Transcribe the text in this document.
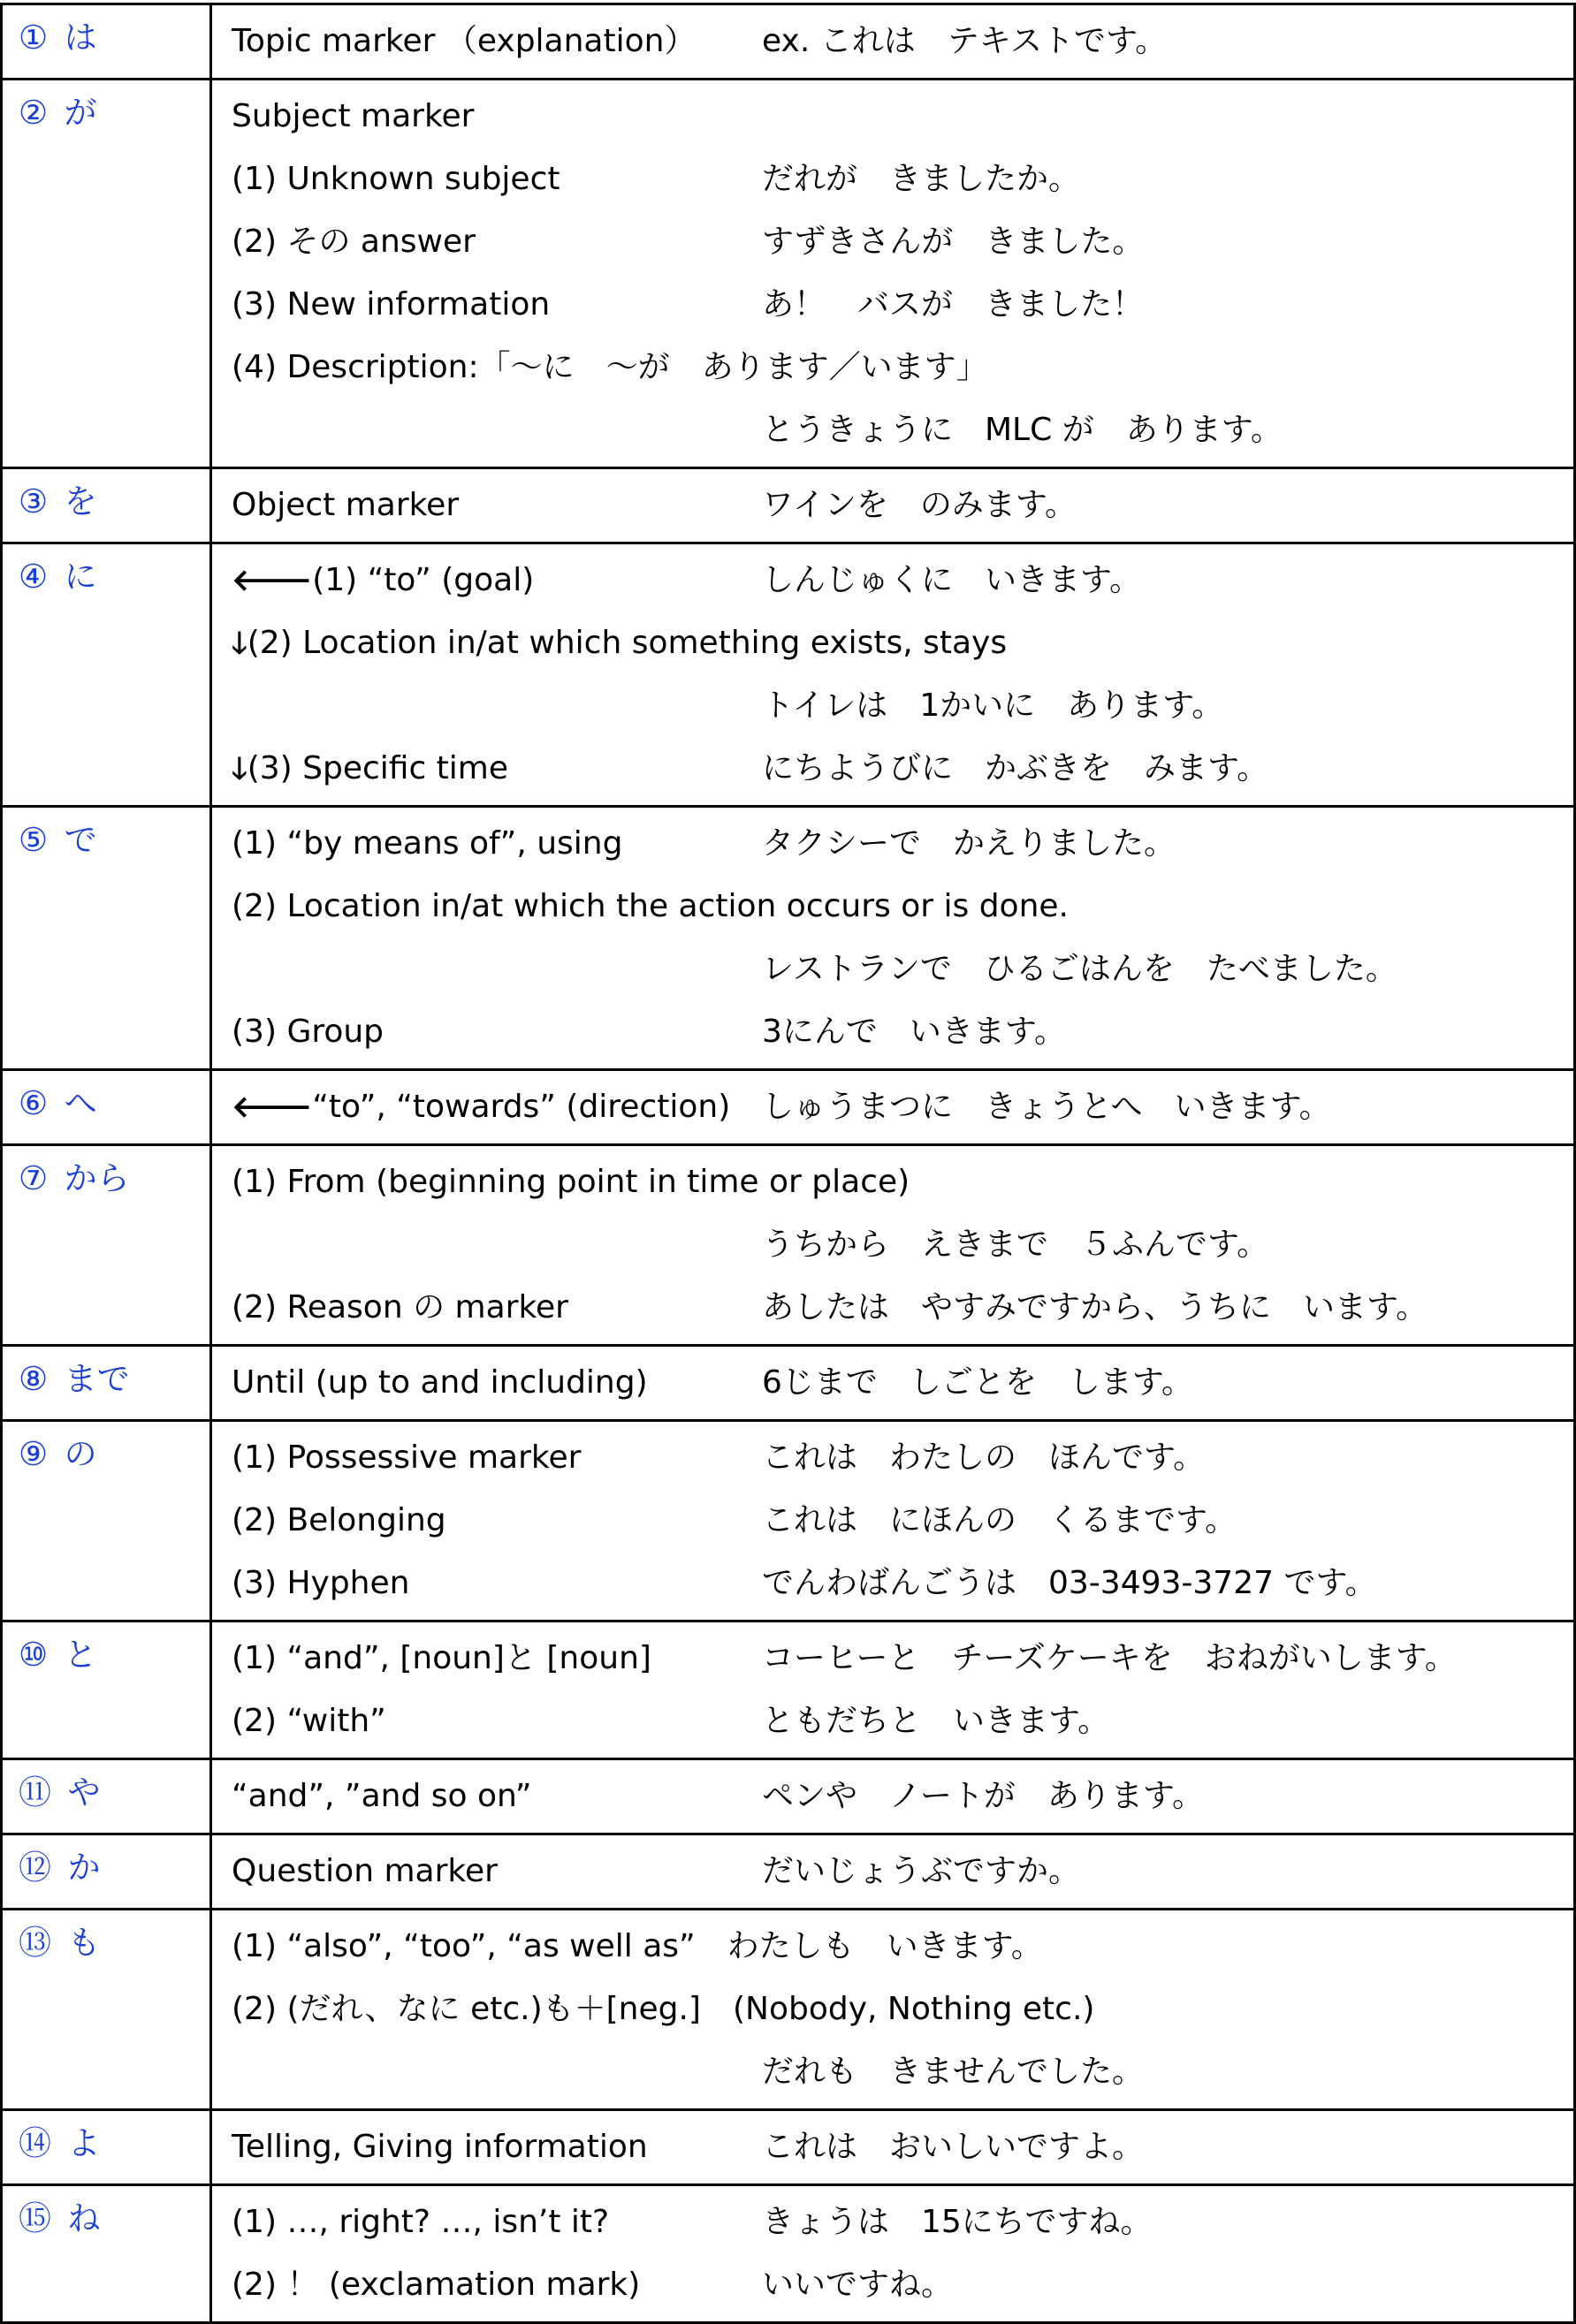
①  は	Topic marker （explanation） ex. これは　テキストです。
②  が	Subject marker
(1) Unknown subject	だれが　きましたか。
(2) その answer	すずきさんが　きました。
(3) New information	あ！　バスが　きました！
(4) Description:「～に　～が　あります／います」
とうきょうに　MLC が　あります。
③  を	Object marker	ワインを　のみます。
④  に	🡐(1) “to” (goal)	しんじゅくに　いきます。
🡓(2) Location in/at which something exists, stays
トイレは　1かいに　あります。
🡓(3) Specific time	にちようびに　かぶきを　みます。
⑤  で	(1) “by means of”, using	タクシーで　かえりました。
(2) Location in/at which the action occurs or is done.
レストランで　ひるごはんを　たべました。
(3) Group	3にんで　いきます。
⑥  へ	🡐“to”, “towards” (direction) しゅうまつに　きょうとへ　いきます。
⑦  から	(1) From (beginning point in time or place)
うちから　えきまで　５ふんです。
(2) Reason の marker	あしたは　やすみですから、うちに　います。
⑧  まで	Until (up to and including)	6じまで　しごとを　します。
⑨  の	(1) Possessive marker	これは　わたしの　ほんです。
(2) Belonging	これは　にほんの　くるまです。
(3) Hyphen	でんわばんごうは　03-3493-3727 です。
⑩  と	(1) “and”, [noun]と [noun]	コーヒーと　チーズケーキを　おねがいします。
(2) “with”	ともだちと　いきます。
⑪  や	“and”, ”and so on”	ペンや　ノートが　あります。
⑫  か	Question marker	だいじょうぶですか。
⑬  も	(1) “also”, “too”, “as well as”　わたしも　いきます。
(2) (だれ、なに etc.)も＋[neg.]　(Nobody, Nothing etc.)
だれも　きませんでした。
⑭  よ	Telling, Giving information	これは　おいしいですよ。
⑮  ね	(1) …, right? …, isn’t it?	きょうは　15にちですね。
(2) ！ (exclamation mark)	いいですね。
